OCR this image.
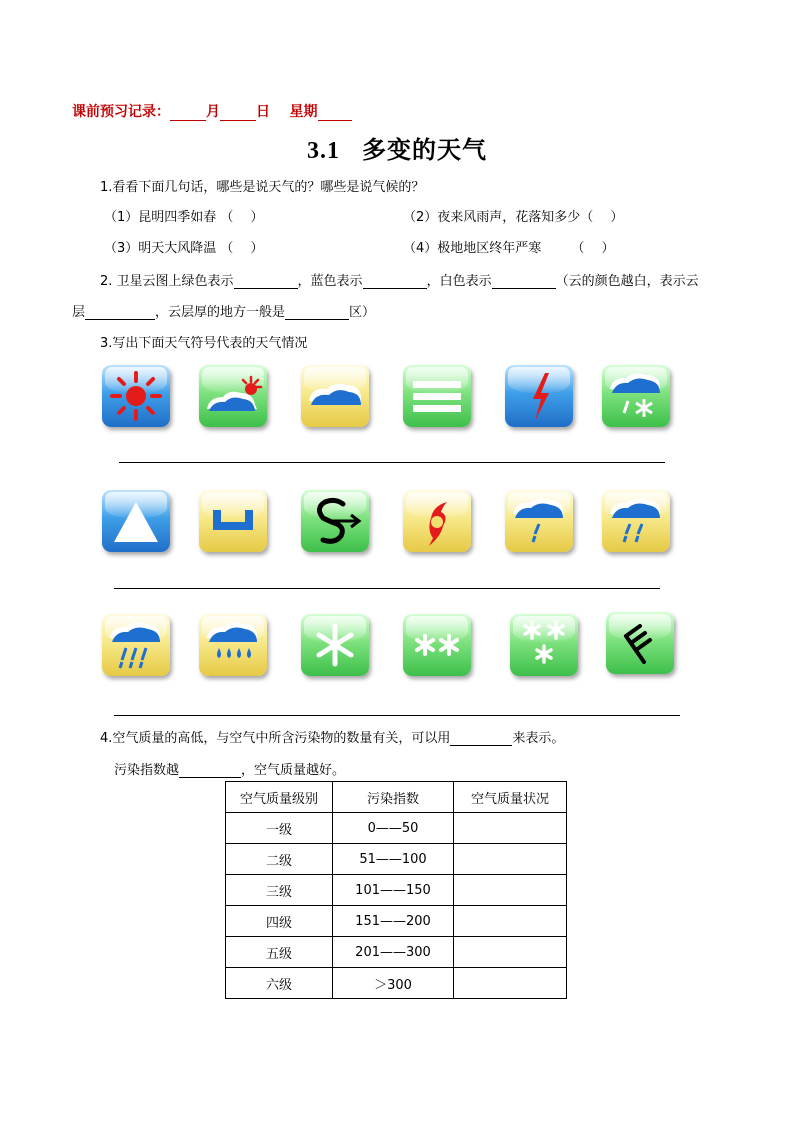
课前预习记录：	月	日 星期
3.1 多变的天气
1.看看下面几句话，哪些是说天气的？哪些是说气候的？
（1）昆明四季如春 （　 ）	（2）夜来风雨声，花落知多少（　 ）
（3）明天大风降温 （　 ）	（4）极地地区终年严寒　　 （　 ）
2. 卫星云图上绿色表示	，蓝色表示	，白色表示	（云的颜色越白，表示云
层	，云层厚的地方一般是	区）
3.写出下面天气符号代表的天气情况
4.空气质量的高低，与空气中所含污染物的数量有关，可以用	来表示。
污染指数越	，空气质量越好。
空气质量级别	污染指数	空气质量状况
一级	0——50	
二级	51——100	
三级	101——150	
四级	151——200	
五级	201——300	
六级	＞300	
